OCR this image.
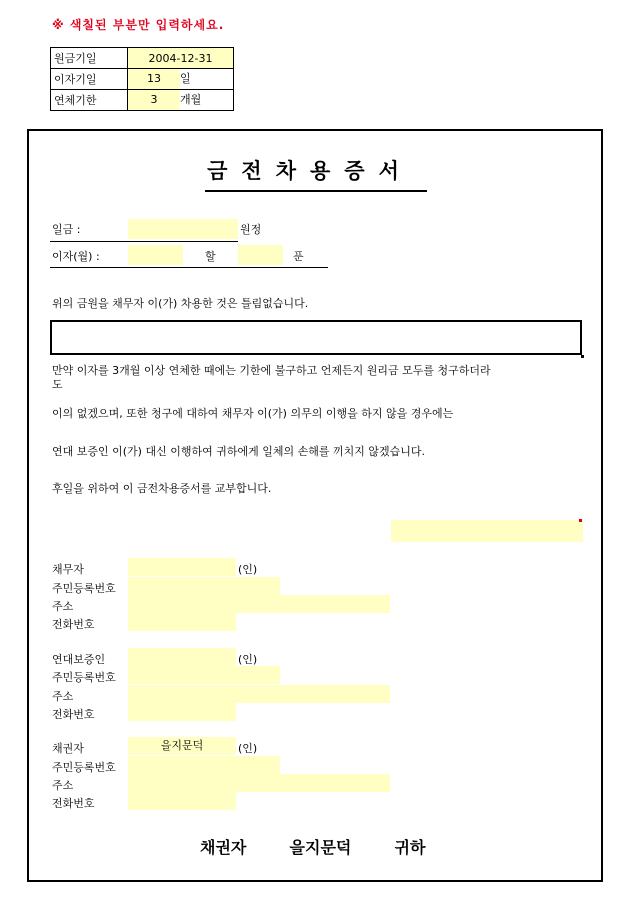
※ 색칠된 부분만 입력하세요.
원금기일	2004-12-31
이자기일	13 일
연체기한	3 개월
금전차용증서
일금 :	원정
이자(월) :	할	푼
위의 금원을 채무자 이(가) 차용한 것은 틀림없습니다.
만약 이자를 3개월 이상 연체한 때에는 기한에 불구하고 언제든지 원리금 모두를 청구하더라
도
이의 없겠으며, 또한 청구에 대하여 채무자 이(가) 의무의 이행을 하지 않을 경우에는
연대 보증인 이(가) 대신 이행하여 귀하에게 일체의 손해를 끼치지 않겠습니다.
후일을 위하여 이 금전차용증서를 교부합니다.
채무자	(인)
주민등록번호
주소
전화번호
연대보증인	(인)
주민등록번호
주소
전화번호
채권자	을지문덕	(인)
주민등록번호
주소
전화번호
채권자	을지문덕	귀하
